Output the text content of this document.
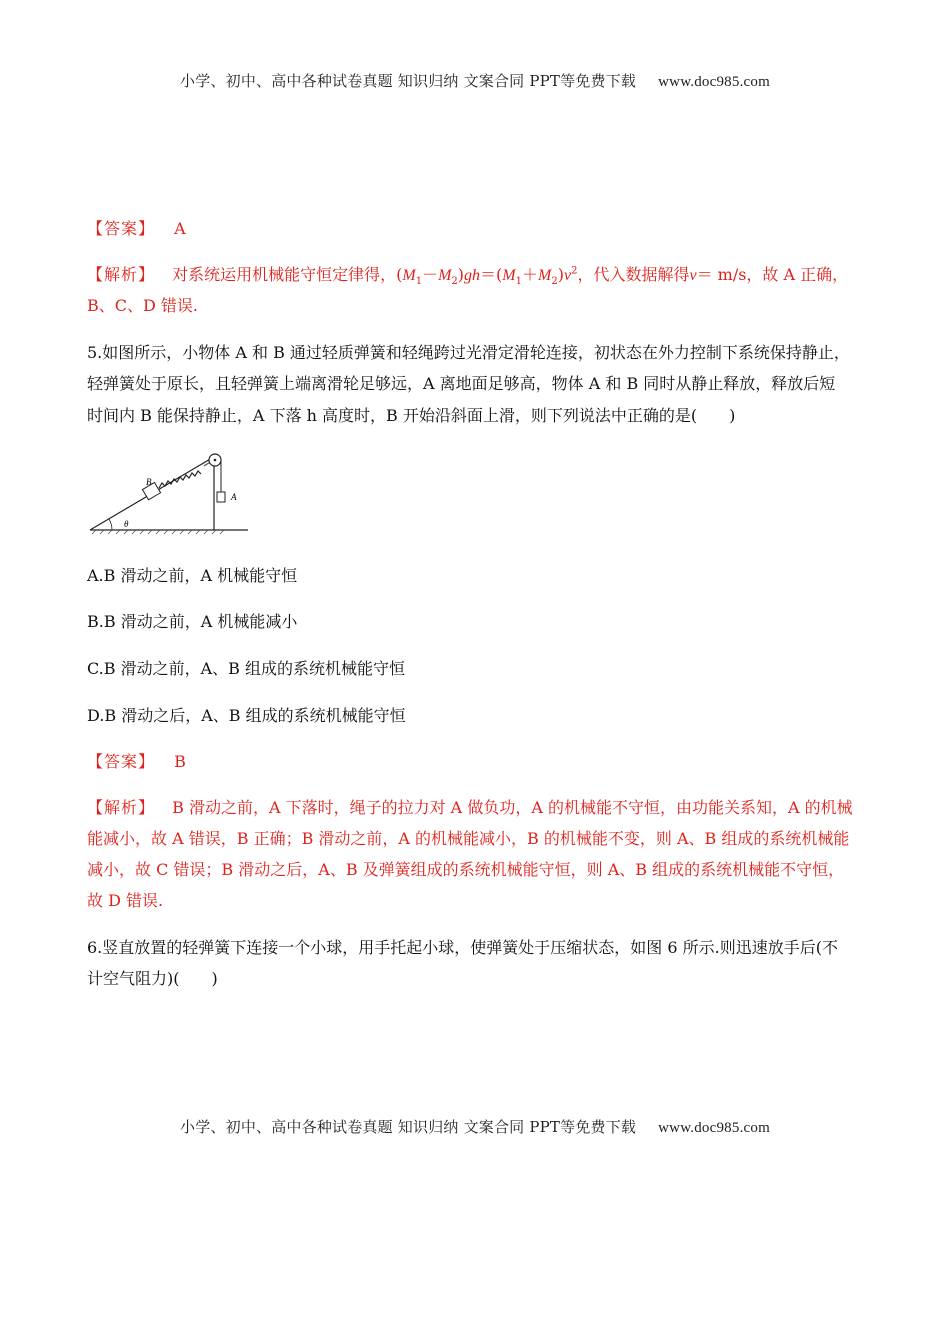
小学、初中、高中各种试卷真题 知识归纳 文案合同 PPT等免费下载 www.doc985.com
【答案】 A
【解析】 对系统运用机械能守恒定律得，$(M_1-M_2)gh=(M_1+M_2)v^2$，代入数据解得v＝ m/s，故 A 正确，
B、C、D 错误.
5.如图所示，小物体 A 和 B 通过轻质弹簧和轻绳跨过光滑定滑轮连接，初状态在外力控制下系统保持静止，
轻弹簧处于原长，且轻弹簧上端离滑轮足够远，A 离地面足够高，物体 A 和 B 同时从静止释放，释放后短
时间内 B 能保持静止，A 下落 h 高度时，B 开始沿斜面上滑，则下列说法中正确的是(　　)
θ
B
A
A.B 滑动之前，A 机械能守恒
B.B 滑动之前，A 机械能减小
C.B 滑动之前，A、B 组成的系统机械能守恒
D.B 滑动之后，A、B 组成的系统机械能守恒
【答案】 B
【解析】 B 滑动之前，A 下落时，绳子的拉力对 A 做负功，A 的机械能不守恒，由功能关系知，A 的机械
能减小，故 A 错误，B 正确；B 滑动之前，A 的机械能减小，B 的机械能不变，则 A、B 组成的系统机械能
减小，故 C 错误；B 滑动之后，A、B 及弹簧组成的系统机械能守恒，则 A、B 组成的系统机械能不守恒，
故 D 错误.
6.竖直放置的轻弹簧下连接一个小球，用手托起小球，使弹簧处于压缩状态，如图 6 所示.则迅速放手后(不
计空气阻力)(　　)
小学、初中、高中各种试卷真题 知识归纳 文案合同 PPT等免费下载 www.doc985.com
